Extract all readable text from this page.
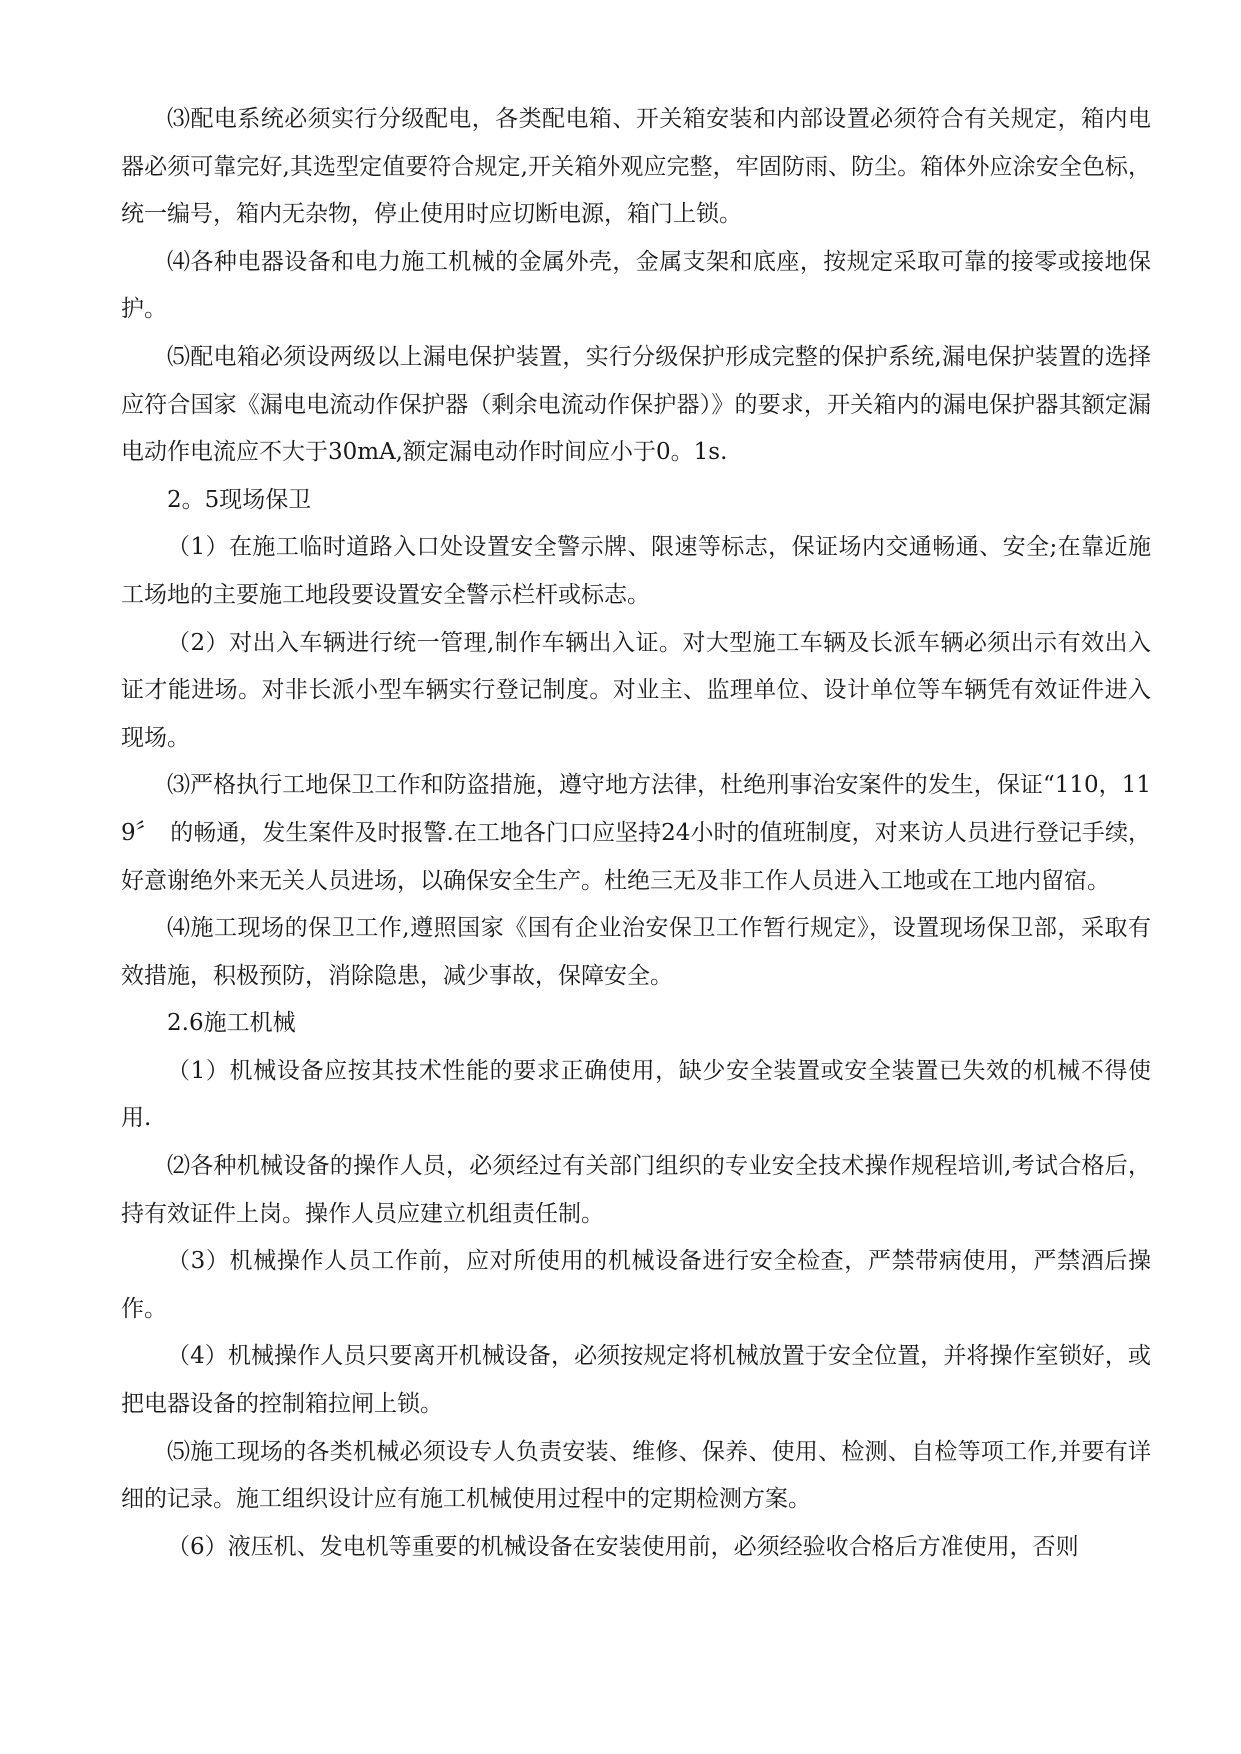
⑶配电系统必须实行分级配电，各类配电箱、开关箱安装和内部设置必须符合有关规定，箱内电器必须可靠完好,其选型定值要符合规定,开关箱外观应完整，牢固防雨、防尘。箱体外应涂安全色标，统一编号，箱内无杂物，停止使用时应切断电源，箱门上锁。

⑷各种电器设备和电力施工机械的金属外壳，金属支架和底座，按规定采取可靠的接零或接地保护。

⑸配电箱必须设两级以上漏电保护装置，实行分级保护形成完整的保护系统,漏电保护装置的选择应符合国家《漏电电流动作保护器（剩余电流动作保护器）》的要求，开关箱内的漏电保护器其额定漏电动作电流应不大于30mA,额定漏电动作时间应小于0。1s.

2。5现场保卫

（1）在施工临时道路入口处设置安全警示牌、限速等标志，保证场内交通畅通、安全;在靠近施工场地的主要施工地段要设置安全警示栏杆或标志。

（2）对出入车辆进行统一管理,制作车辆出入证。对大型施工车辆及长派车辆必须出示有效出入证才能进场。对非长派小型车辆实行登记制度。对业主、监理单位、设计单位等车辆凭有效证件进入现场。

⑶严格执行工地保卫工作和防盗措施，遵守地方法律，杜绝刑事治安案件的发生，保证“110，119〞　的畅通，发生案件及时报警.在工地各门口应坚持24小时的值班制度，对来访人员进行登记手续，好意谢绝外来无关人员进场，以确保安全生产。杜绝三无及非工作人员进入工地或在工地内留宿。

⑷施工现场的保卫工作,遵照国家《国有企业治安保卫工作暂行规定》，设置现场保卫部，采取有效措施，积极预防，消除隐患，减少事故，保障安全。

2.6施工机械

（1）机械设备应按其技术性能的要求正确使用，缺少安全装置或安全装置已失效的机械不得使用.

⑵各种机械设备的操作人员，必须经过有关部门组织的专业安全技术操作规程培训,考试合格后，持有效证件上岗。操作人员应建立机组责任制。

（3）机械操作人员工作前，应对所使用的机械设备进行安全检查，严禁带病使用，严禁酒后操作。

（4）机械操作人员只要离开机械设备，必须按规定将机械放置于安全位置，并将操作室锁好，或把电器设备的控制箱拉闸上锁。

⑸施工现场的各类机械必须设专人负责安装、维修、保养、使用、检测、自检等项工作,并要有详细的记录。施工组织设计应有施工机械使用过程中的定期检测方案。

（6）液压机、发电机等重要的机械设备在安装使用前，必须经验收合格后方准使用，否则
